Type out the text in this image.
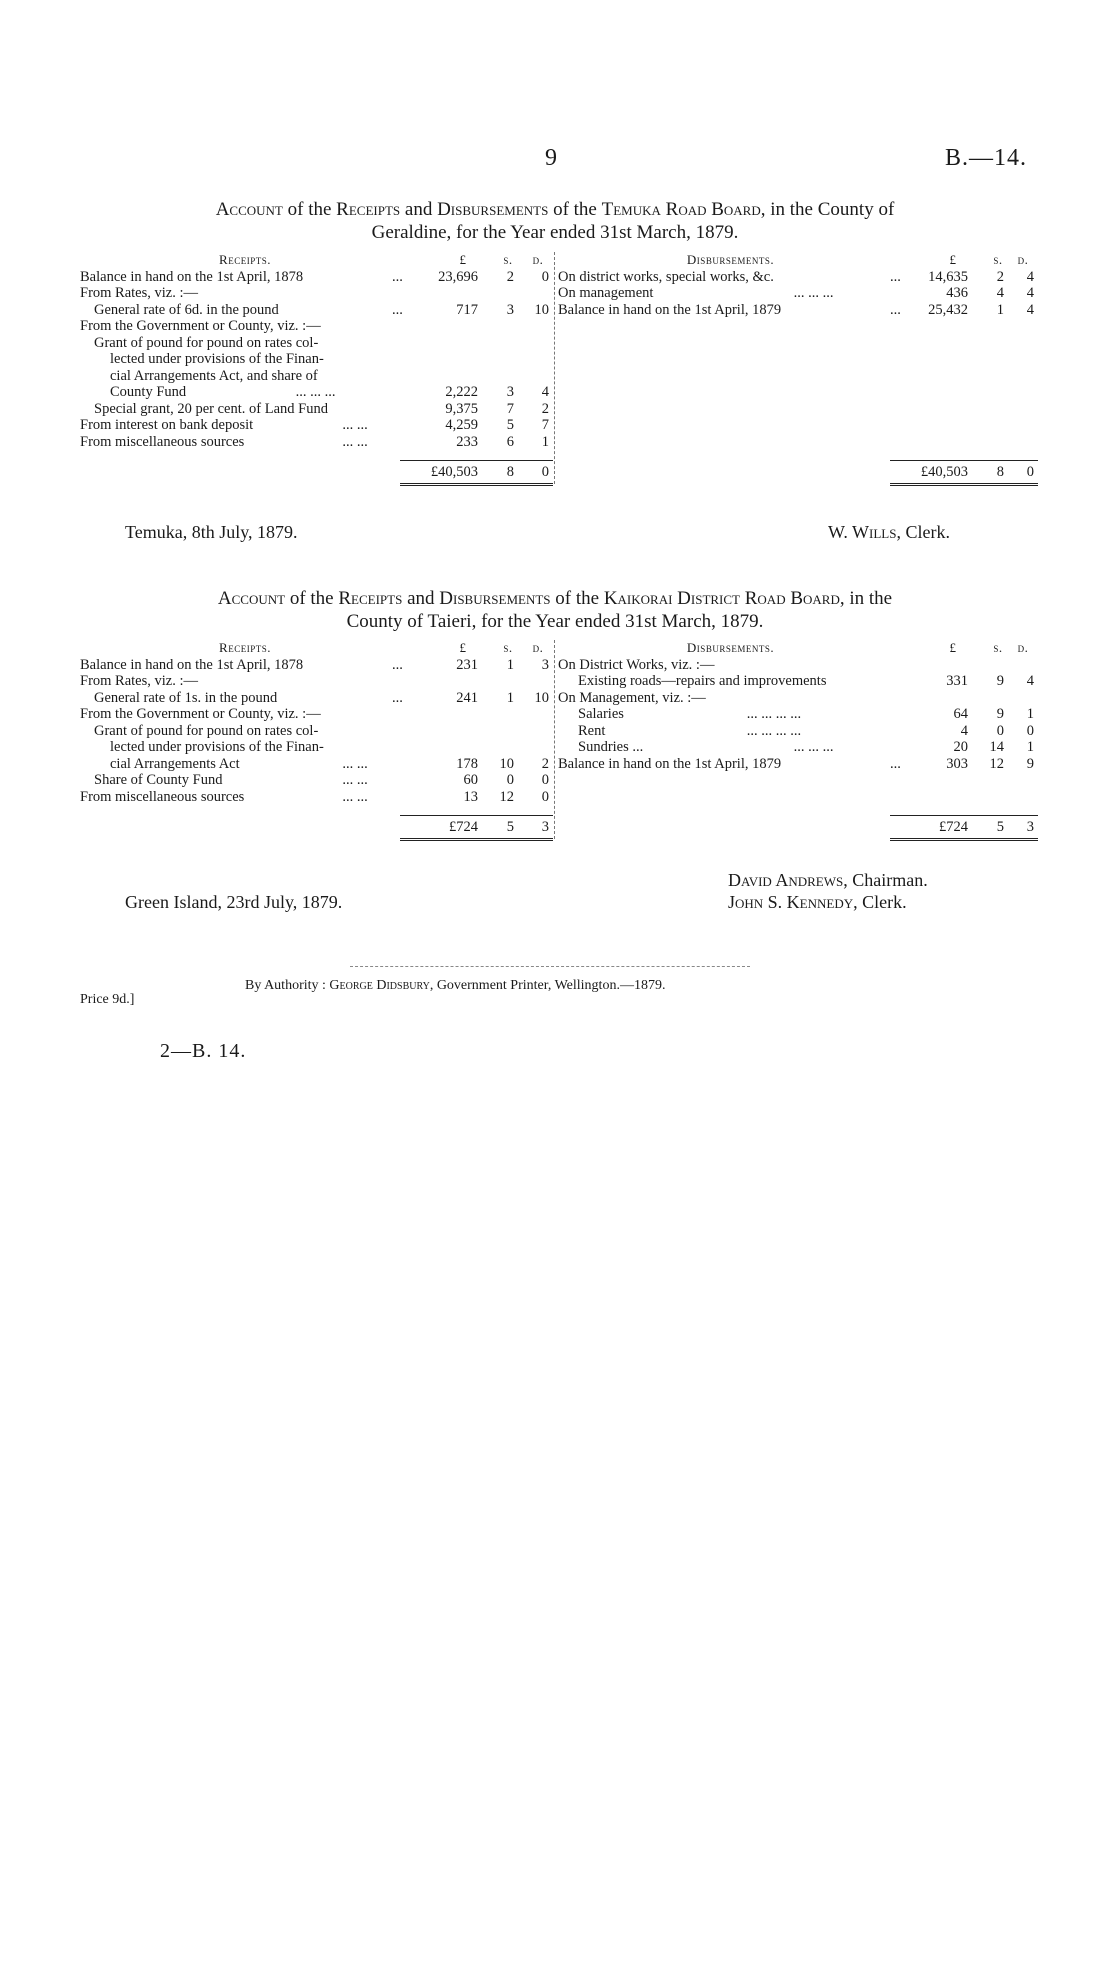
9	B.—14.
Account of the Receipts and Disbursements of the Temuka Road Board, in the County of
Geraldine, for the Year ended 31st March, 1879.
Receipts.	£	s.	d.
Balance in hand on the 1st April, 1878	...	23,696	2	0
From Rates, viz. :—
General rate of 6d. in the pound	...	717	3	10
From the Government or County, viz. :—
Grant of pound for pound on rates col-
lected under provisions of the Finan-
cial Arrangements Act, and share of
County Fund	... ... ...	2,222	3	4
Special grant, 20 per cent. of Land Fund	9,375	7	2
From interest on bank deposit	... ...	4,259	5	7
From miscellaneous sources	... ...	233	6	1
Disbursements.	£	s.	d.
On district works, special works, &c.	...	14,635	2	4
On management	... ... ...	436	4	4
Balance in hand on the 1st April, 1879	...	25,432	1	4
£40,503	8	0	£40,503	8	0
Temuka, 8th July, 1879.	W. Wills, Clerk.
Account of the Receipts and Disbursements of the Kaikorai District Road Board, in the
County of Taieri, for the Year ended 31st March, 1879.
Receipts.	£	s.	d.
Balance in hand on the 1st April, 1878	...	231	1	3
From Rates, viz. :—
General rate of 1s. in the pound	...	241	1	10
From the Government or County, viz. :—
Grant of pound for pound on rates col-
lected under provisions of the Finan-
cial Arrangements Act	... ...	178	10	2
Share of County Fund	... ...	60	0	0
From miscellaneous sources	... ...	13	12	0
Disbursements.	£	s.	d.
On District Works, viz. :—
Existing roads—repairs and improvements	331	9	4
On Management, viz. :—
Salaries	... ... ... ...	64	9	1
Rent	... ... ... ...	4	0	0
Sundries ...	... ... ...	20	14	1
Balance in hand on the 1st April, 1879	...	303	12	9
£724	5	3	£724	5	3
Green Island, 23rd July, 1879.
David Andrews, Chairman.
John S. Kennedy, Clerk.
By Authority : George Didsbury, Government Printer, Wellington.—1879.
Price 9d.]
2—B. 14.
